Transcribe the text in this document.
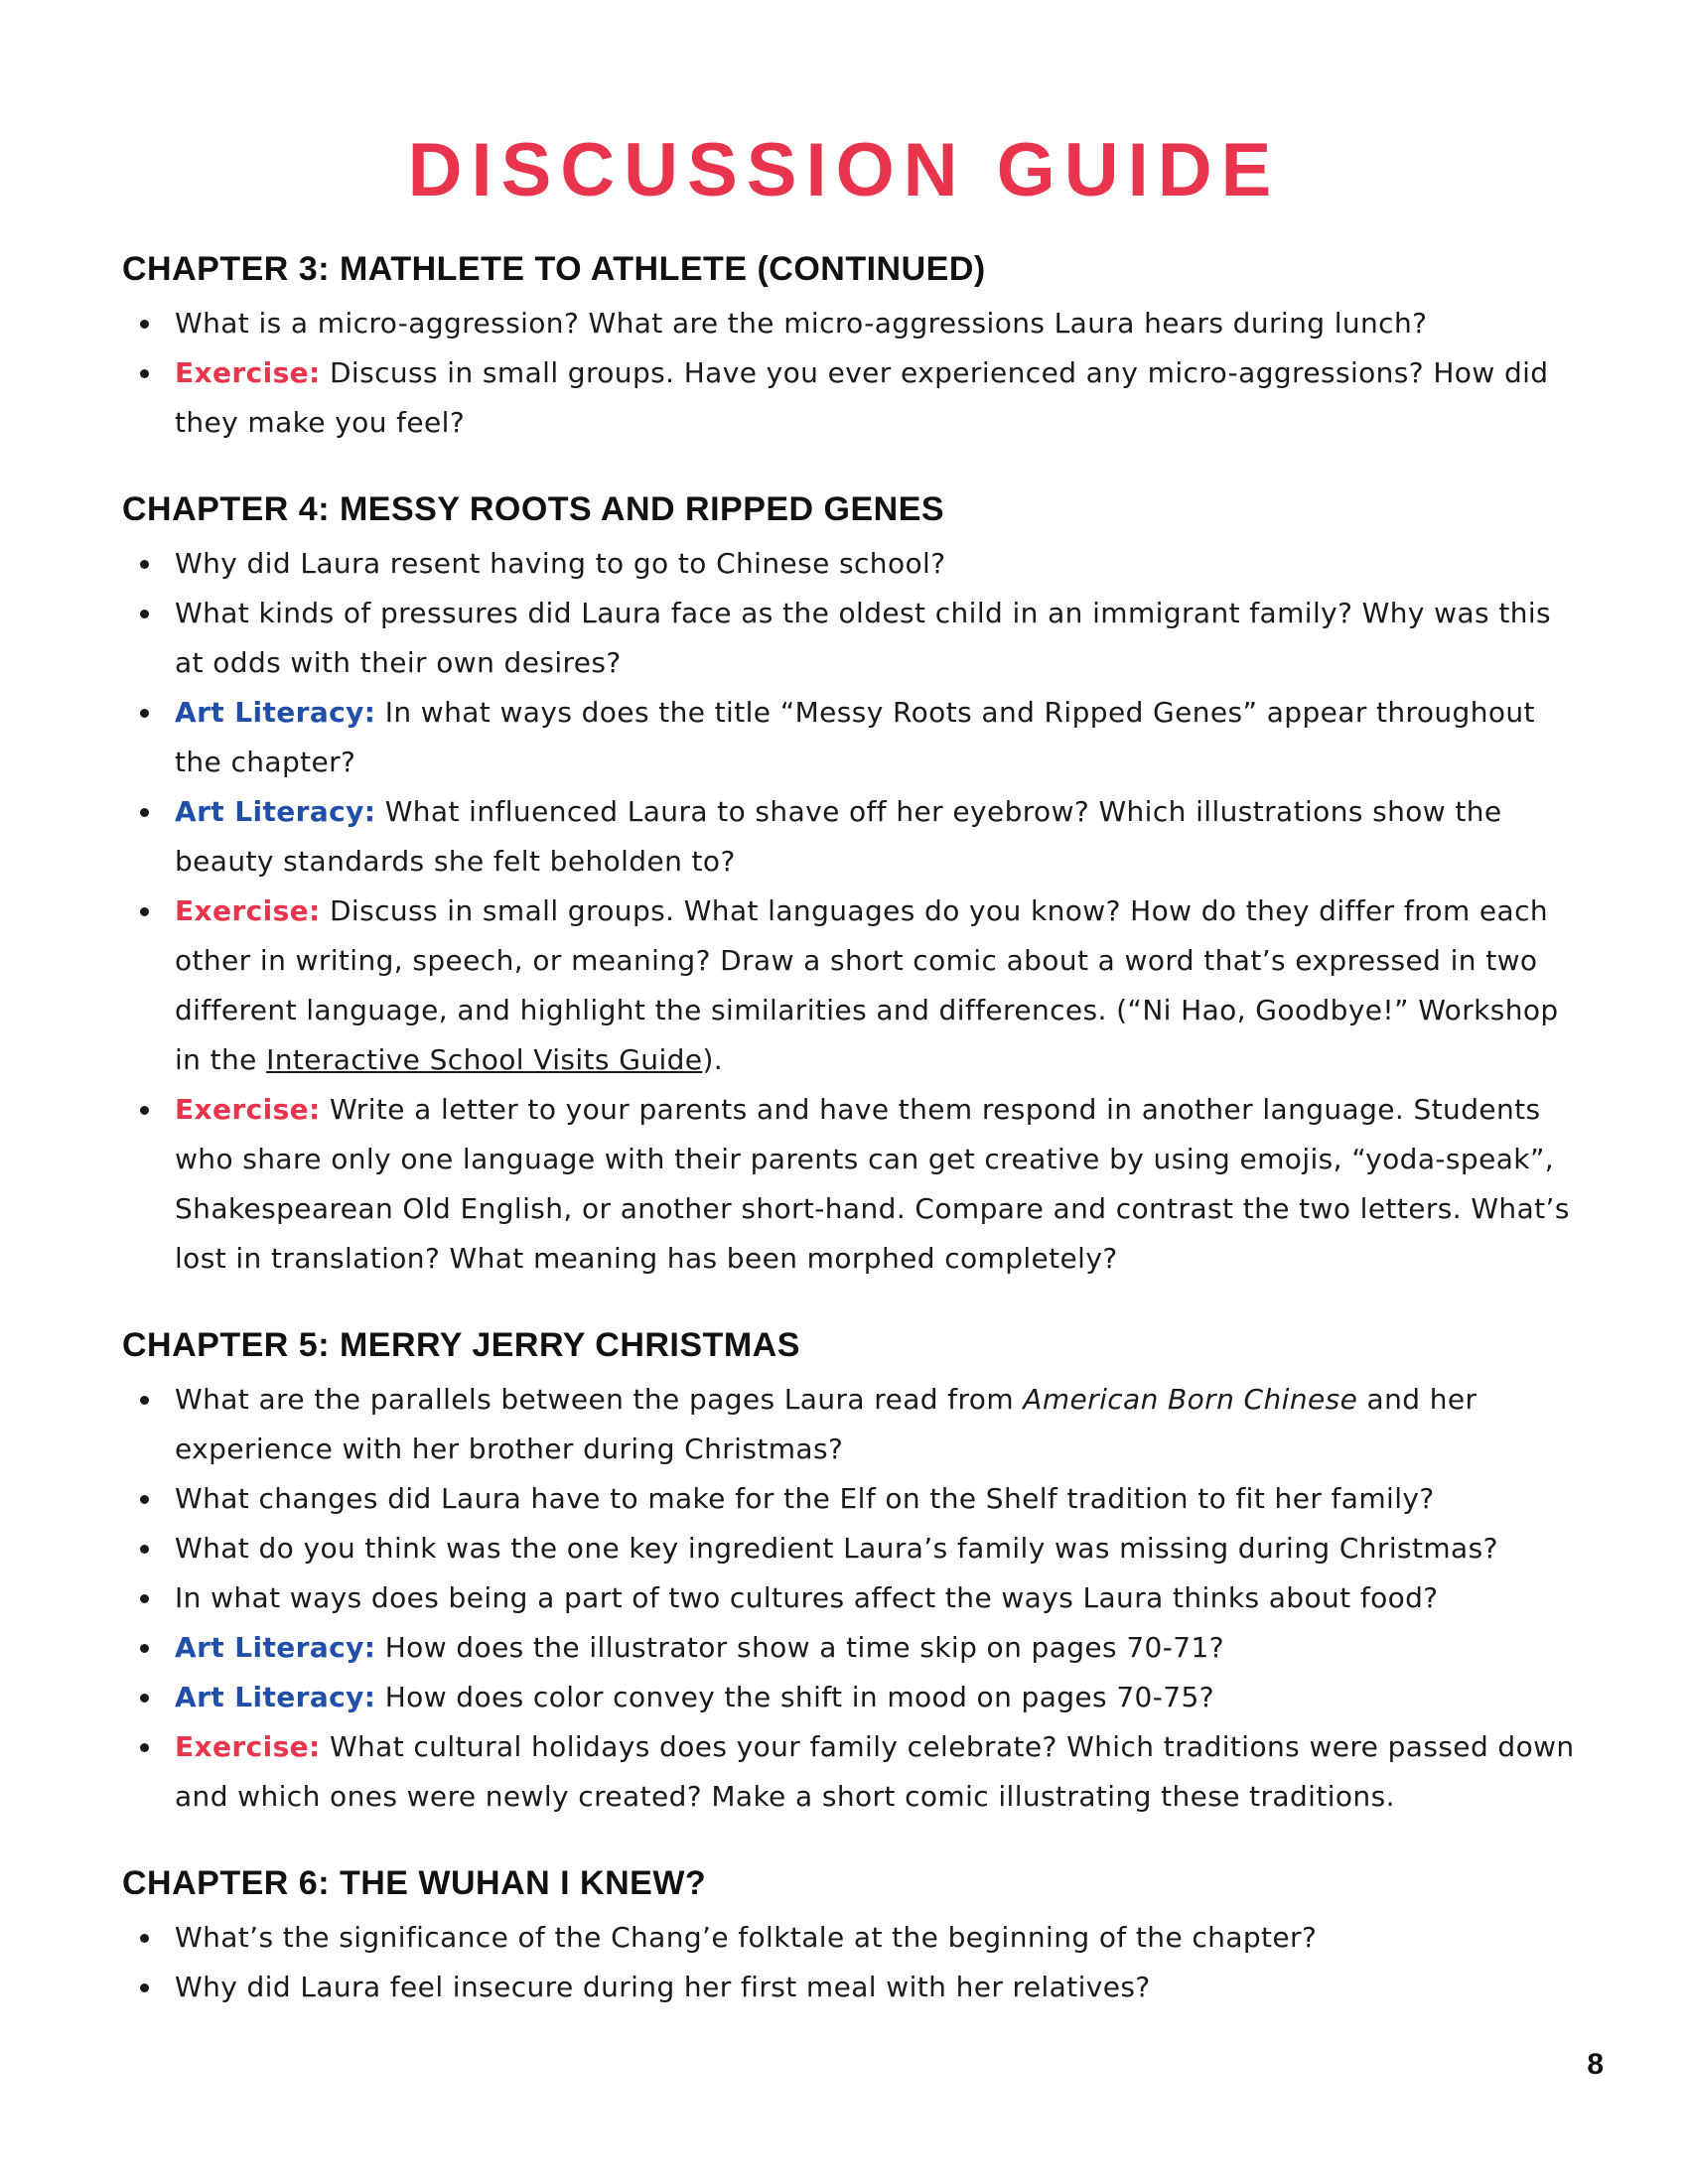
DISCUSSION GUIDE
CHAPTER 3: MATHLETE TO ATHLETE (CONTINUED)
What is a micro-aggression? What are the micro-aggressions Laura hears during lunch?
Exercise: Discuss in small groups. Have you ever experienced any micro-aggressions? How did they make you feel?
CHAPTER 4: MESSY ROOTS AND RIPPED GENES
Why did Laura resent having to go to Chinese school?
What kinds of pressures did Laura face as the oldest child in an immigrant family? Why was this at odds with their own desires?
Art Literacy: In what ways does the title “Messy Roots and Ripped Genes” appear throughout the chapter?
Art Literacy: What influenced Laura to shave off her eyebrow? Which illustrations show the beauty standards she felt beholden to?
Exercise: Discuss in small groups. What languages do you know? How do they differ from each other in writing, speech, or meaning? Draw a short comic about a word that’s expressed in two different language, and highlight the similarities and differences. (“Ni Hao, Goodbye!” Workshop in the Interactive School Visits Guide).
Exercise: Write a letter to your parents and have them respond in another language. Students who share only one language with their parents can get creative by using emojis, “yoda-speak”, Shakespearean Old English, or another short-hand. Compare and contrast the two letters. What’s lost in translation? What meaning has been morphed completely?
CHAPTER 5: MERRY JERRY CHRISTMAS
What are the parallels between the pages Laura read from American Born Chinese and her experience with her brother during Christmas?
What changes did Laura have to make for the Elf on the Shelf tradition to fit her family?
What do you think was the one key ingredient Laura’s family was missing during Christmas?
In what ways does being a part of two cultures affect the ways Laura thinks about food?
Art Literacy: How does the illustrator show a time skip on pages 70-71?
Art Literacy: How does color convey the shift in mood on pages 70-75?
Exercise: What cultural holidays does your family celebrate? Which traditions were passed down and which ones were newly created? Make a short comic illustrating these traditions.
CHAPTER 6: THE WUHAN I KNEW?
What’s the significance of the Chang’e folktale at the beginning of the chapter?
Why did Laura feel insecure during her first meal with her relatives?
8
